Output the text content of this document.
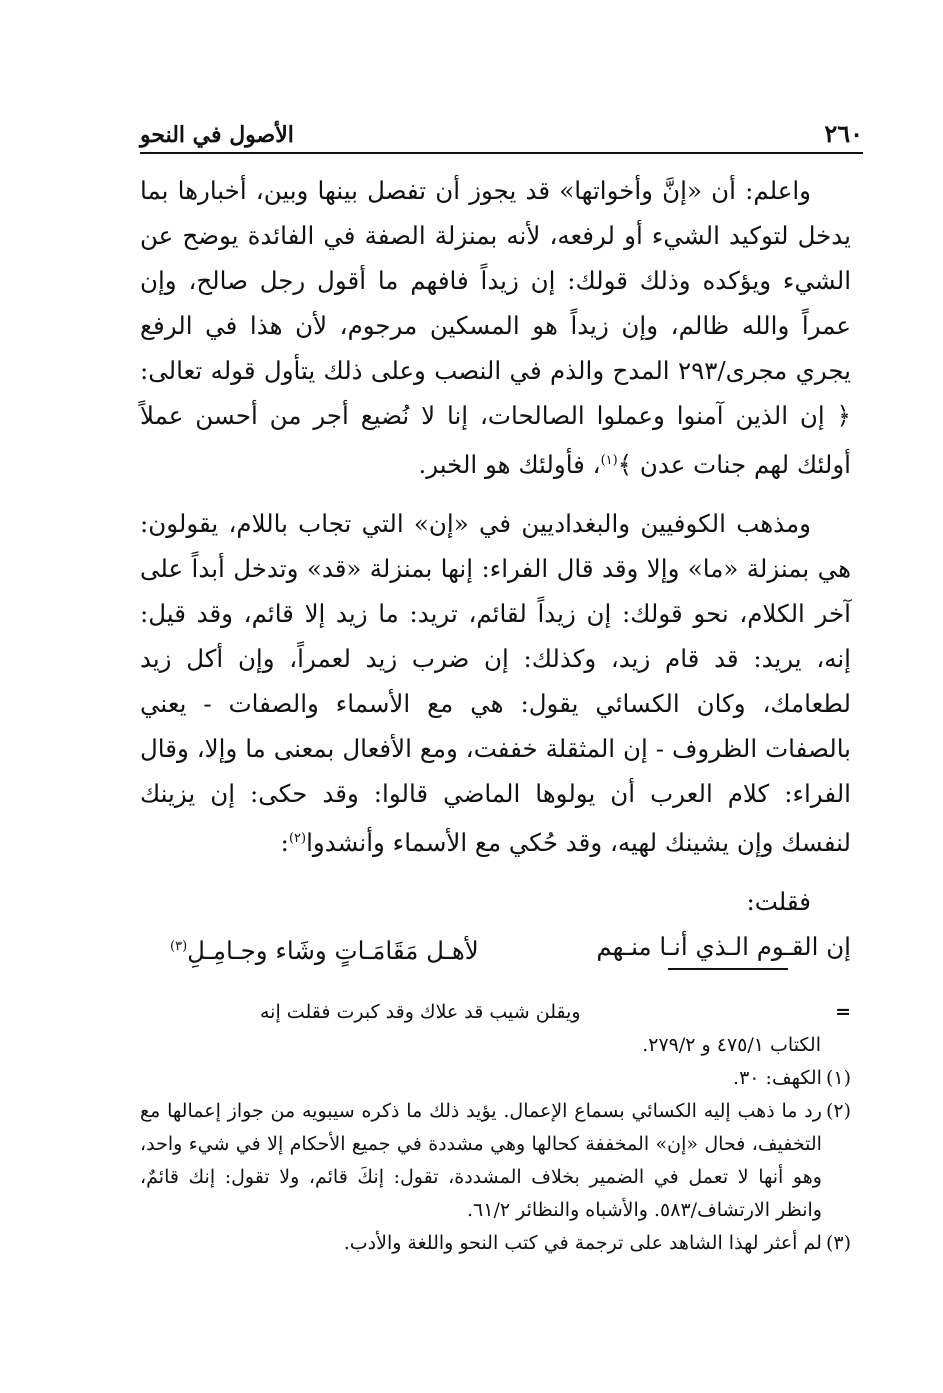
٢٦٠
الأصول في النحو

واعلم: أن «إنَّ وأخواتها» قد يجوز أن تفصل بينها وبين، أخبارها بما يدخل لتوكيد الشيء أو لرفعه، لأنه بمنزلة الصفة في الفائدة يوضح عن الشيء ويؤكده وذلك قولك: إن زيداً فافهم ما أقول رجل صالح، وإن عمراً والله ظالم، وإن زيداً هو المسكين مرجوم، لأن هذا في الرفع يجري مجرى/٢٩٣ المدح والذم في النصب وعلى ذلك يتأول قوله تعالى: ﴿ إن الذين آمنوا وعملوا الصالحات، إنا لا نُضيع أجر من أحسن عملاً أولئك لهم جنات عدن ﴾$^{(١)}$، فأولئك هو الخبر.

ومذهب الكوفيين والبغداديين في «إن» التي تجاب باللام، يقولون: هي بمنزلة «ما» وإلا وقد قال الفراء: إنها بمنزلة «قد» وتدخل أبداً على آخر الكلام، نحو قولك: إن زيداً لقائم، تريد: ما زيد إلا قائم، وقد قيل: إنه، يريد: قد قام زيد، وكذلك: إن ضرب زيد لعمراً، وإن أكل زيد لطعامك، وكان الكسائي يقول: هي مع الأسماء والصفات - يعني بالصفات الظروف - إن المثقلة خففت، ومع الأفعال بمعنى ما وإلا، وقال الفراء: كلام العرب أن يولوها الماضي قالوا: وقد حكى: إن يزينك لنفسك وإن يشينك لهيه، وقد حُكي مع الأسماء وأنشدوا$^{(٢)}$:

فقلت:
إن القـوم الـذي أنـا منـهم
لأهـل مَقَامَـاتٍ وشَاء وجـامِـلِ$^{(٣)}$
=
ويقلن شيب قد علاك وقد كبرت فقلت إنه
الكتاب ٤٧٥/١ و ٢٧٩/٢.
(١)
الكهف: ٣٠.
(٢)
رد ما ذهب إليه الكسائي بسماع الإعمال. يؤيد ذلك ما ذكره سيبويه من جواز إعمالها مع التخفيف، فحال «إن» المخففة كحالها وهي مشددة في جميع الأحكام إلا في شيء واحد، وهو أنها لا تعمل في الضمير بخلاف المشددة، تقول: إنكَ قائم، ولا تقول: إنك قائمٌ، وانظر الارتشاف/٥٨٣. والأشباه والنظائر ٦١/٢.
(٣)
لم أعثر لهذا الشاهد على ترجمة في كتب النحو واللغة والأدب.
